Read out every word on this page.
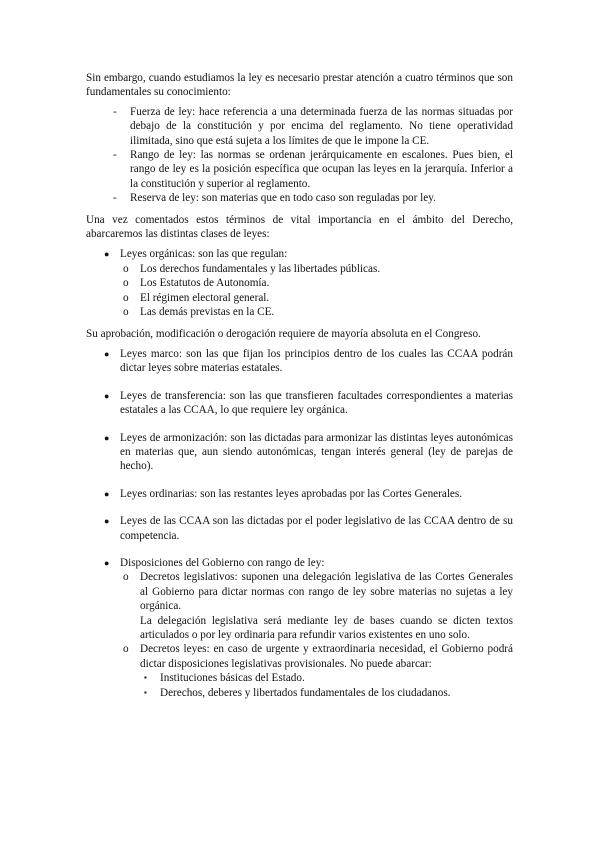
Sin embargo, cuando estudiamos la ley es necesario prestar atención a cuatro términos que son fundamentales su conocimiento:

- Fuerza de ley: hace referencia a una determinada fuerza de las normas situadas por debajo de la constitución y por encima del reglamento. No tiene operatividad ilimitada, sino que está sujeta a los límites de que le impone la CE.
- Rango de ley: las normas se ordenan jerárquicamente en escalones. Pues bien, el rango de ley es la posición específica que ocupan las leyes en la jerarquía. Inferior a la constitución y superior al reglamento.
- Reserva de ley: son materias que en todo caso son reguladas por ley.

Una vez comentados estos términos de vital importancia en el ámbito del Derecho, abarcaremos las distintas clases de leyes:

● Leyes orgánicas: son las que regulan:
o Los derechos fundamentales y las libertades públicas.
o Los Estatutos de Autonomía.
o El régimen electoral general.
o Las demás previstas en la CE.

Su aprobación, modificación o derogación requiere de mayoría absoluta en el Congreso.

● Leyes marco: son las que fijan los principios dentro de los cuales las CCAA podrán dictar leyes sobre materias estatales.
● Leyes de transferencia: son las que transfieren facultades correspondientes a materias estatales a las CCAA, lo que requiere ley orgánica.
● Leyes de armonización: son las dictadas para armonizar las distintas leyes autonómicas en materias que, aun siendo autonómicas, tengan interés general (ley de parejas de hecho).
● Leyes ordinarias: son las restantes leyes aprobadas por las Cortes Generales.
● Leyes de las CCAA son las dictadas por el poder legislativo de las CCAA dentro de su competencia.
● Disposiciones del Gobierno con rango de ley:
o Decretos legislativos: suponen una delegación legislativa de las Cortes Generales al Gobierno para dictar normas con rango de ley sobre materias no sujetas a ley orgánica.

La delegación legislativa será mediante ley de bases cuando se dicten textos articulados o por ley ordinaria para refundir varios existentes en uno solo.

o Decretos leyes: en caso de urgente y extraordinaria necesidad, el Gobierno podrá dictar disposiciones legislativas provisionales. No puede abarcar:
▪ Instituciones básicas del Estado.
▪ Derechos, deberes y libertados fundamentales de los ciudadanos.
